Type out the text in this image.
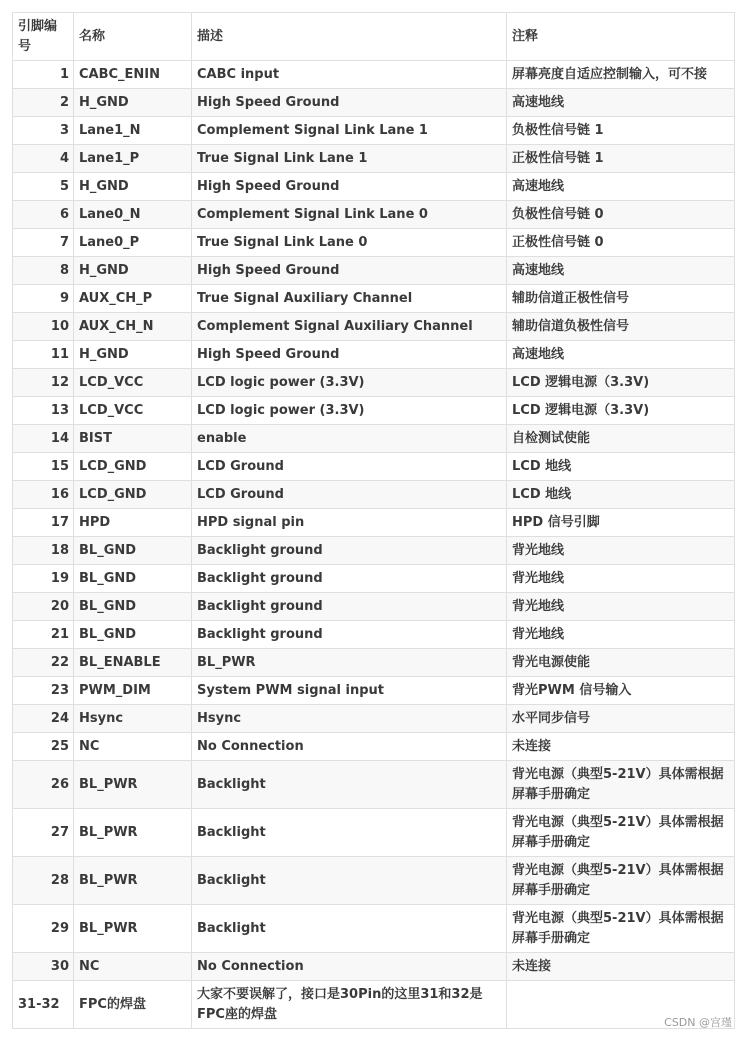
引脚编号	名称	描述	注释
1	CABC_ENIN	CABC input	屏幕亮度自适应控制输入，可不接
2	H_GND	High Speed Ground	高速地线
3	Lane1_N	Complement Signal Link Lane 1	负极性信号链 1
4	Lane1_P	True Signal Link Lane 1	正极性信号链 1
5	H_GND	High Speed Ground	高速地线
6	Lane0_N	Complement Signal Link Lane 0	负极性信号链 0
7	Lane0_P	True Signal Link Lane 0	正极性信号链 0
8	H_GND	High Speed Ground	高速地线
9	AUX_CH_P	True Signal Auxiliary Channel	辅助信道正极性信号
10	AUX_CH_N	Complement Signal Auxiliary Channel	辅助信道负极性信号
11	H_GND	High Speed Ground	高速地线
12	LCD_VCC	LCD logic power (3.3V)	LCD 逻辑电源（3.3V)
13	LCD_VCC	LCD logic power (3.3V)	LCD 逻辑电源（3.3V)
14	BIST	enable	自检测试使能
15	LCD_GND	LCD Ground	LCD 地线
16	LCD_GND	LCD Ground	LCD 地线
17	HPD	HPD signal pin	HPD 信号引脚
18	BL_GND	Backlight ground	背光地线
19	BL_GND	Backlight ground	背光地线
20	BL_GND	Backlight ground	背光地线
21	BL_GND	Backlight ground	背光地线
22	BL_ENABLE	BL_PWR	背光电源使能
23	PWM_DIM	System PWM signal input	背光PWM 信号输入
24	Hsync	Hsync	水平同步信号
25	NC	No Connection	未连接
26	BL_PWR	Backlight	背光电源（典型5-21V）具体需根据屏幕手册确定
27	BL_PWR	Backlight	背光电源（典型5-21V）具体需根据屏幕手册确定
28	BL_PWR	Backlight	背光电源（典型5-21V）具体需根据屏幕手册确定
29	BL_PWR	Backlight	背光电源（典型5-21V）具体需根据屏幕手册确定
30	NC	No Connection	未连接
31-32	FPC的焊盘	大家不要误解了，接口是30Pin的这里31和32是FPC座的焊盘	
CSDN @宫瑾
